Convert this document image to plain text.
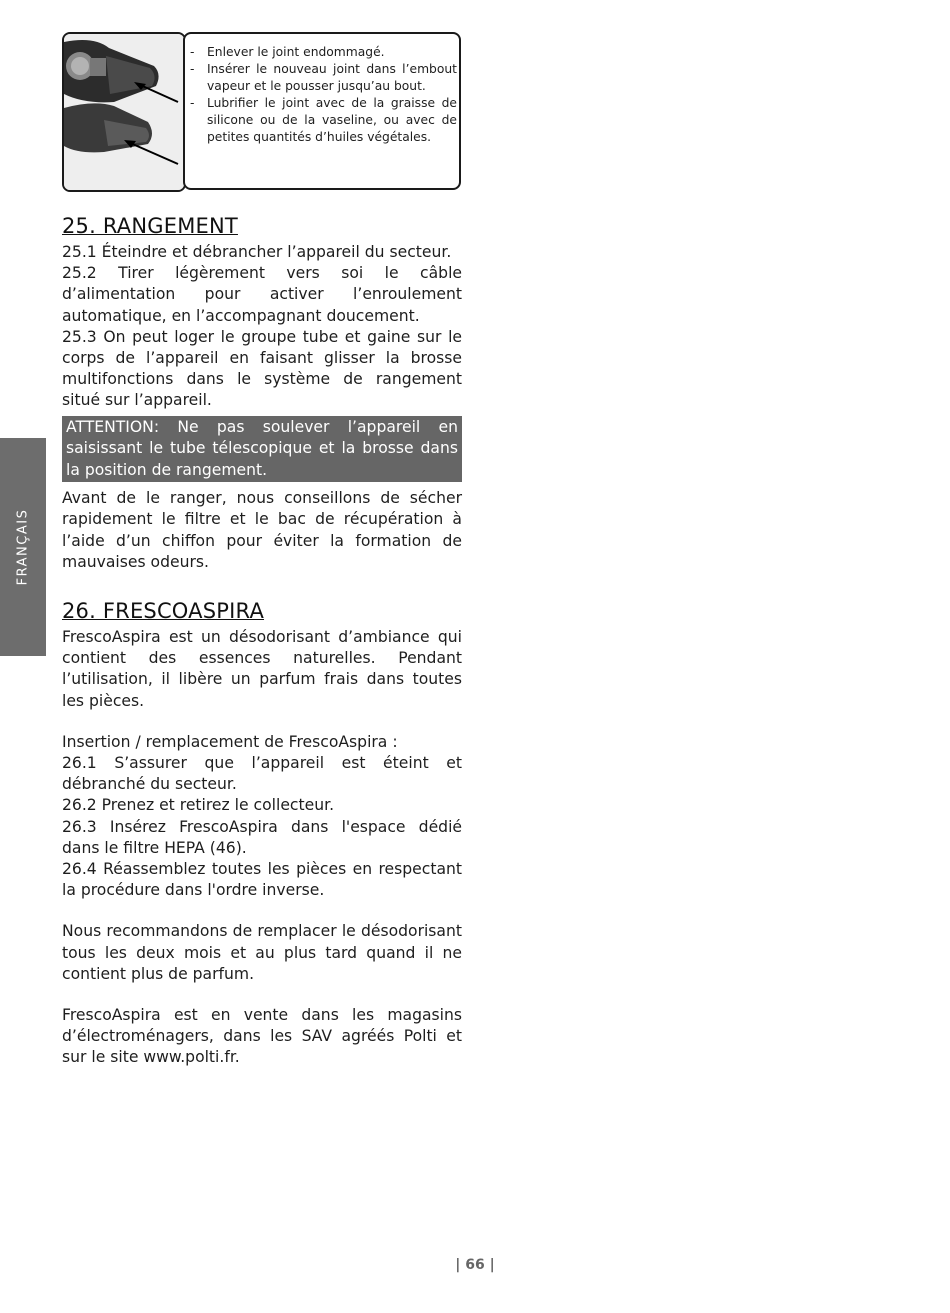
FRANÇAIS
- Enlever le joint endommagé.
- Insérer le nouveau joint dans l’embout vapeur et le pousser jusqu’au bout.
- Lubrifier le joint avec de la graisse de silicone ou de la vaseline, ou avec de petites quantités d’huiles végétales.
25. RANGEMENT

25.1 Éteindre et débrancher l’appareil du secteur.

25.2 Tirer légèrement vers soi le câble d’alimentation pour activer l’enroulement automatique, en l’accompagnant doucement.

25.3 On peut loger le groupe tube et gaine sur le corps de l’appareil en faisant glisser la brosse multifonctions dans le système de rangement situé sur l’appareil.

ATTENTION: Ne pas soulever l’appareil en saisissant le tube télescopique et la brosse dans la position de rangement.

Avant de le ranger, nous conseillons de sécher rapidement le filtre et le bac de récupération à l’aide d’un chiffon pour éviter la formation de mauvaises odeurs.

26. FRESCOASPIRA

FrescoAspira est un désodorisant d’ambiance qui contient des essences naturelles. Pendant l’utilisation, il libère un parfum frais dans toutes les pièces.

Insertion / remplacement de FrescoAspira :

26.1 S’assurer que l’appareil est éteint et débranché du secteur.

26.2 Prenez et retirez le collecteur.

26.3 Insérez FrescoAspira dans l'espace dédié dans le filtre HEPA (46).

26.4 Réassemblez toutes les pièces en respectant la procédure dans l'ordre inverse.

Nous recommandons de remplacer le désodorisant tous les deux mois et au plus tard quand il ne contient plus de parfum.

FrescoAspira est en vente dans les magasins d’électroménagers, dans les SAV agréés Polti et sur le site www.polti.fr.

| 66 |
